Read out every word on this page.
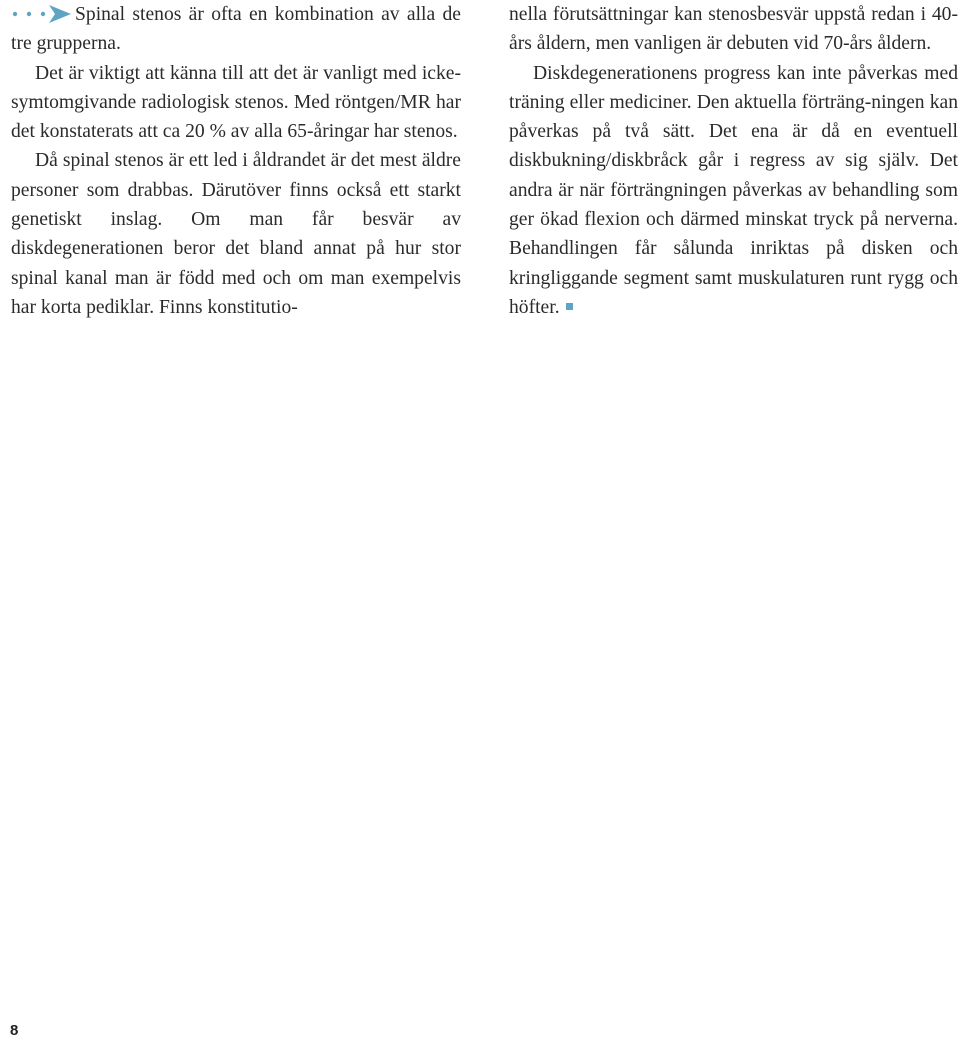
Spinal stenos är ofta en kombination av alla de tre grupperna.

Det är viktigt att känna till att det är vanligt med icke-symtomgivande radiologisk stenos. Med röntgen/MR har det konstaterats att ca 20 % av alla 65-åringar har stenos.

Då spinal stenos är ett led i åldrandet är det mest äldre personer som drabbas. Därutöver finns också ett starkt genetiskt inslag. Om man får besvär av diskdegenerationen beror det bland annat på hur stor spinal kanal man är född med och om man exempelvis har korta pediklar. Finns konstitutio-

nella förutsättningar kan stenosbesvär uppstå redan i 40-års åldern, men vanligen är debuten vid 70-års åldern.

Diskdegenerationens progress kan inte påverkas med träning eller mediciner. Den aktuella förträng-ningen kan påverkas på två sätt. Det ena är då en eventuell diskbukning/diskbråck går i regress av sig själv. Det andra är när förträngningen påverkas av behandling som ger ökad flexion och därmed minskat tryck på nerverna. Behandlingen får sålunda inriktas på disken och kringliggande segment samt muskulaturen runt rygg och höfter.

8
